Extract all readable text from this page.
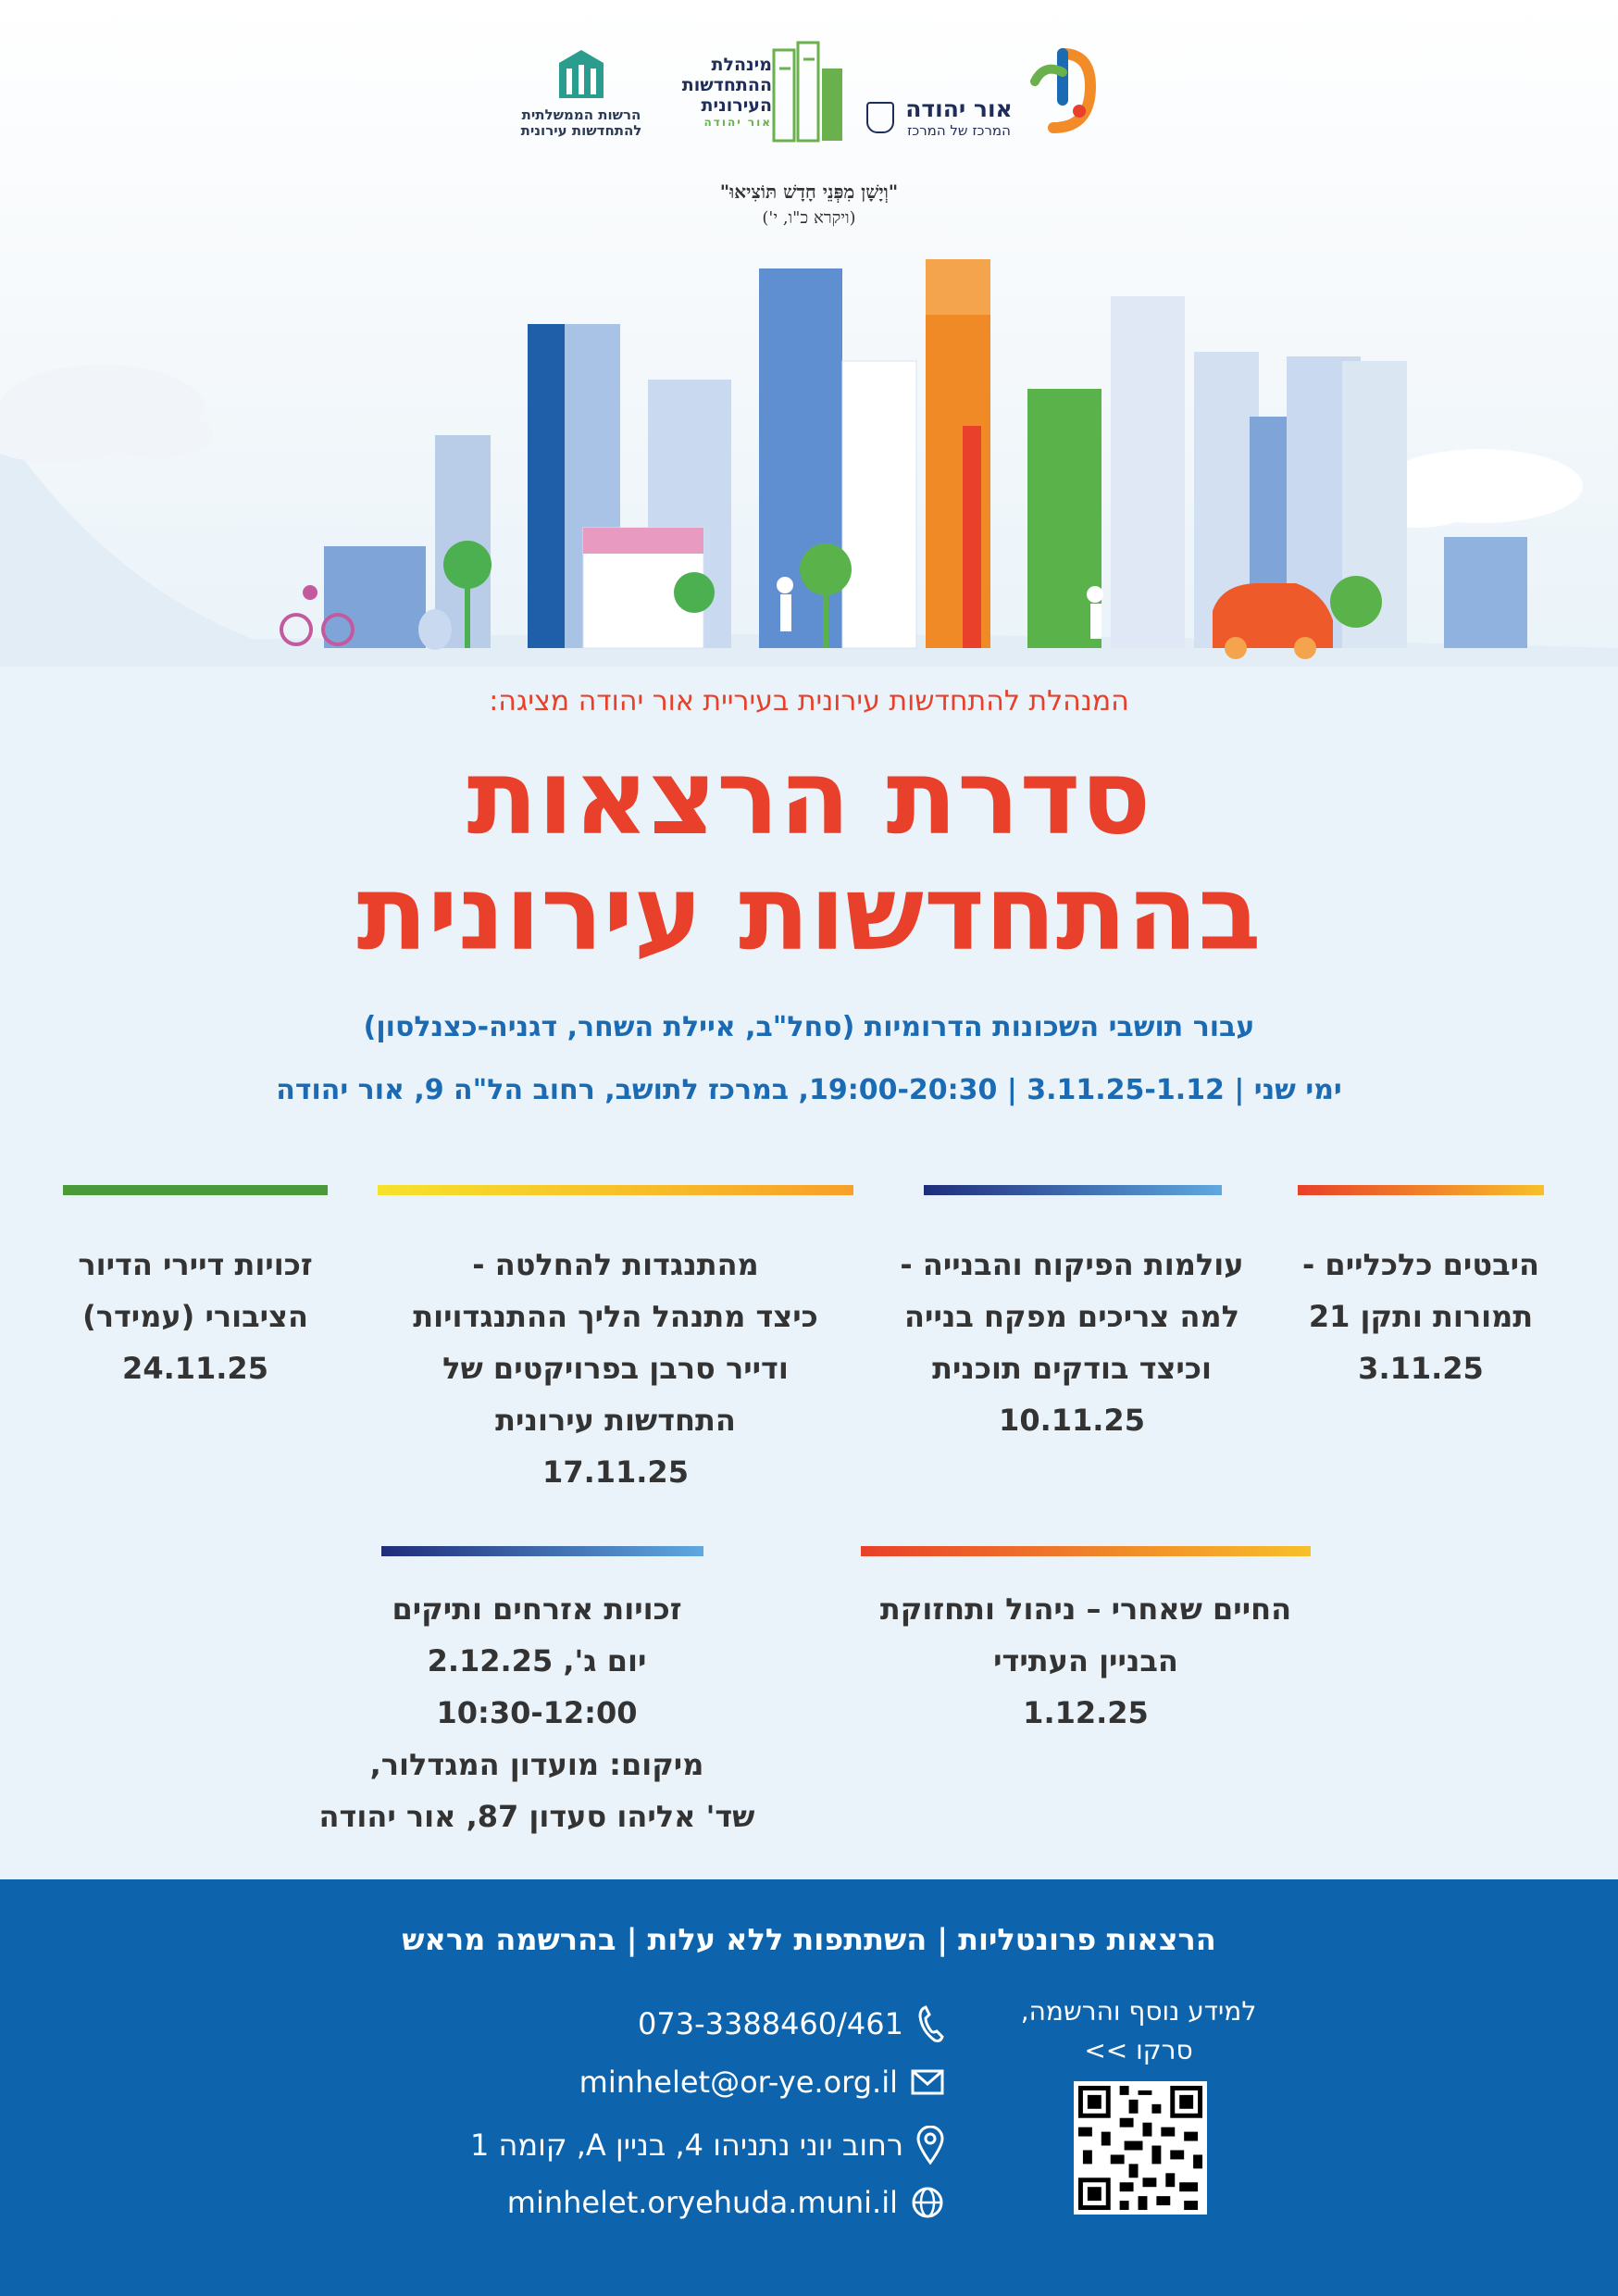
הרשות הממשלתית
להתחדשות עירונית
מינהלת
ההתחדשות
העירונית
אור יהודה	אור יהודה
המרכז של המרכז
"וְיָשָׁן מִפְּנֵי חָדָשׁ תּוֹצִיאוּ"
(ויקרא כ"ו, י')
המנהלת להתחדשות עירונית בעיריית אור יהודה מציגה:
סדרת הרצאות
בהתחדשות עירונית
עבור תושבי השכונות הדרומיות (סחל"ב, איילת השחר, דגניה-כצנלסון)
ימי שני | 3.11.25-1.12 | 19:00-20:30, במרכז לתושב, רחוב הל"ה 9, אור יהודה
היבטים כלכליים -
תמורות ותקן 21
3.11.25
עולמות הפיקוח והבנייה -
למה צריכים מפקח בנייה
וכיצד בודקים תוכנית
10.11.25
מהתנגדות להחלטה -
כיצד מתנהל הליך ההתנגדויות
ודייר סרבן בפרויקטים של
התחדשות עירונית
17.11.25
זכויות דיירי הדיור
הציבורי (עמידר)
24.11.25
החיים שאחרי – ניהול ותחזוקת
הבניין העתידי
1.12.25
זכויות אזרחים ותיקים
יום ג', 2.12.25
10:30-12:00
מיקום: מועדון המגדלור,
שד' אליהו סעדון 87, אור יהודה
הרצאות פרונטליות | השתתפות ללא עלות | בהרשמה מראש
073-3388460/461
minhelet@or-ye.org.il
רחוב יוני נתניהו 4, בניין A, קומה 1
minhelet.oryehuda.muni.il
למידע נוסף והרשמה,
סרקו >>
